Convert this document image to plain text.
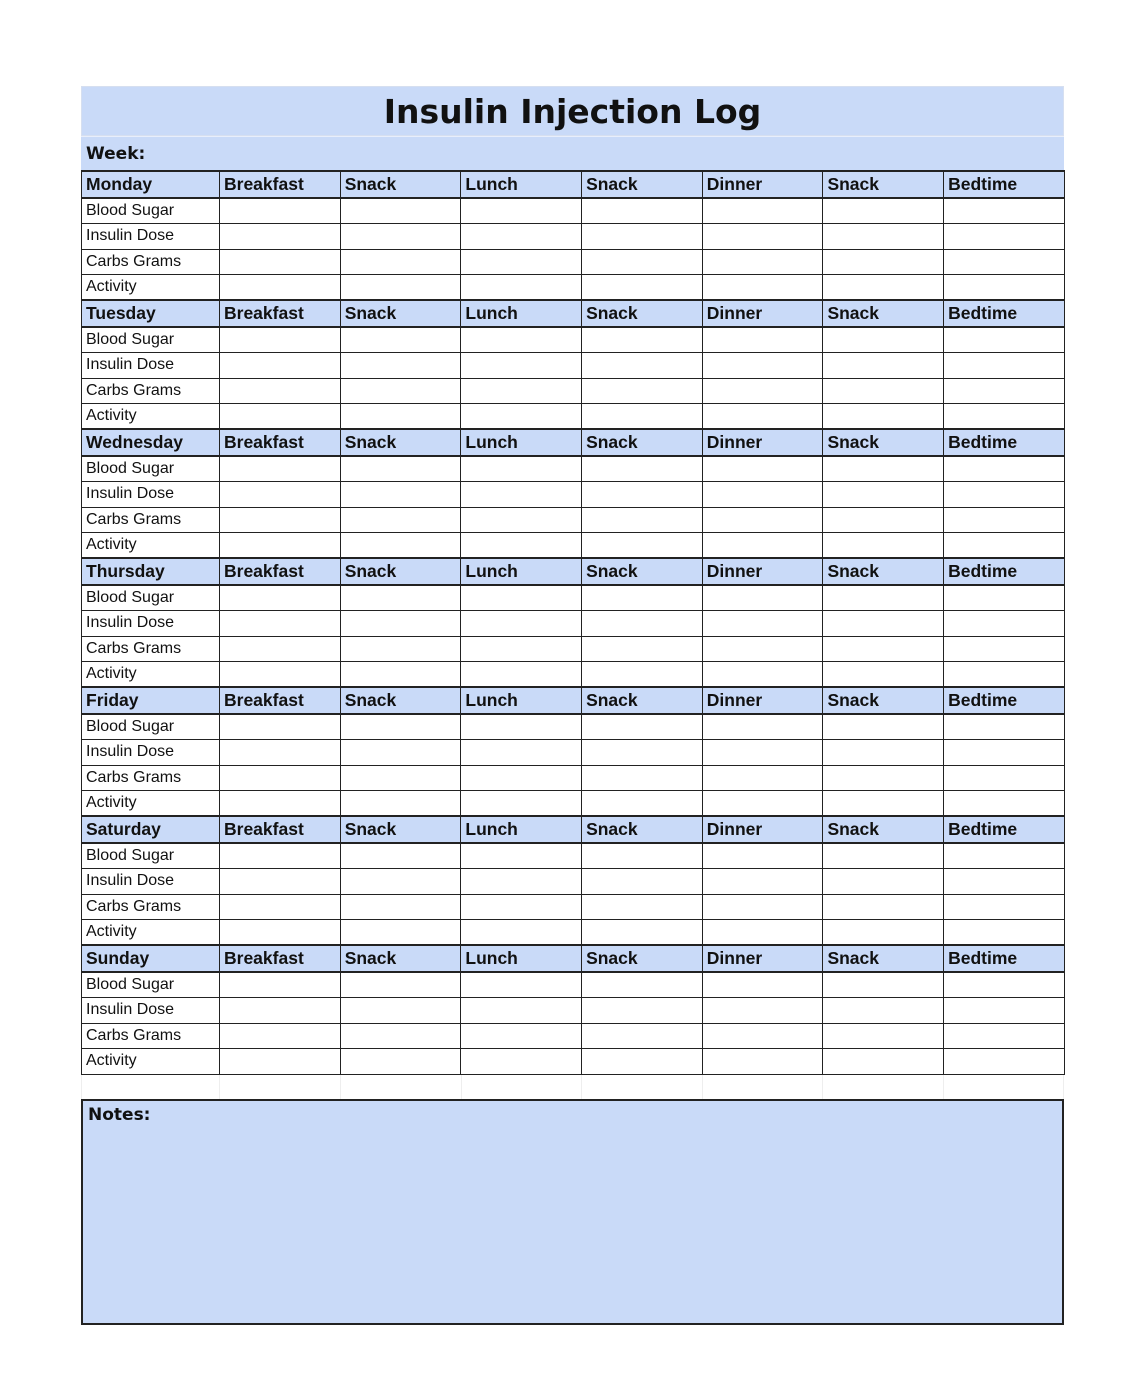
Insulin Injection Log
Week:
Monday	Breakfast	Snack	Lunch	Snack	Dinner	Snack	Bedtime
Blood Sugar							
Insulin Dose							
Carbs Grams							
Activity							
Tuesday	Breakfast	Snack	Lunch	Snack	Dinner	Snack	Bedtime
Blood Sugar							
Insulin Dose							
Carbs Grams							
Activity							
Wednesday	Breakfast	Snack	Lunch	Snack	Dinner	Snack	Bedtime
Blood Sugar							
Insulin Dose							
Carbs Grams							
Activity							
Thursday	Breakfast	Snack	Lunch	Snack	Dinner	Snack	Bedtime
Blood Sugar							
Insulin Dose							
Carbs Grams							
Activity							
Friday	Breakfast	Snack	Lunch	Snack	Dinner	Snack	Bedtime
Blood Sugar							
Insulin Dose							
Carbs Grams							
Activity							
Saturday	Breakfast	Snack	Lunch	Snack	Dinner	Snack	Bedtime
Blood Sugar							
Insulin Dose							
Carbs Grams							
Activity							
Sunday	Breakfast	Snack	Lunch	Snack	Dinner	Snack	Bedtime
Blood Sugar							
Insulin Dose							
Carbs Grams							
Activity							
Notes:
